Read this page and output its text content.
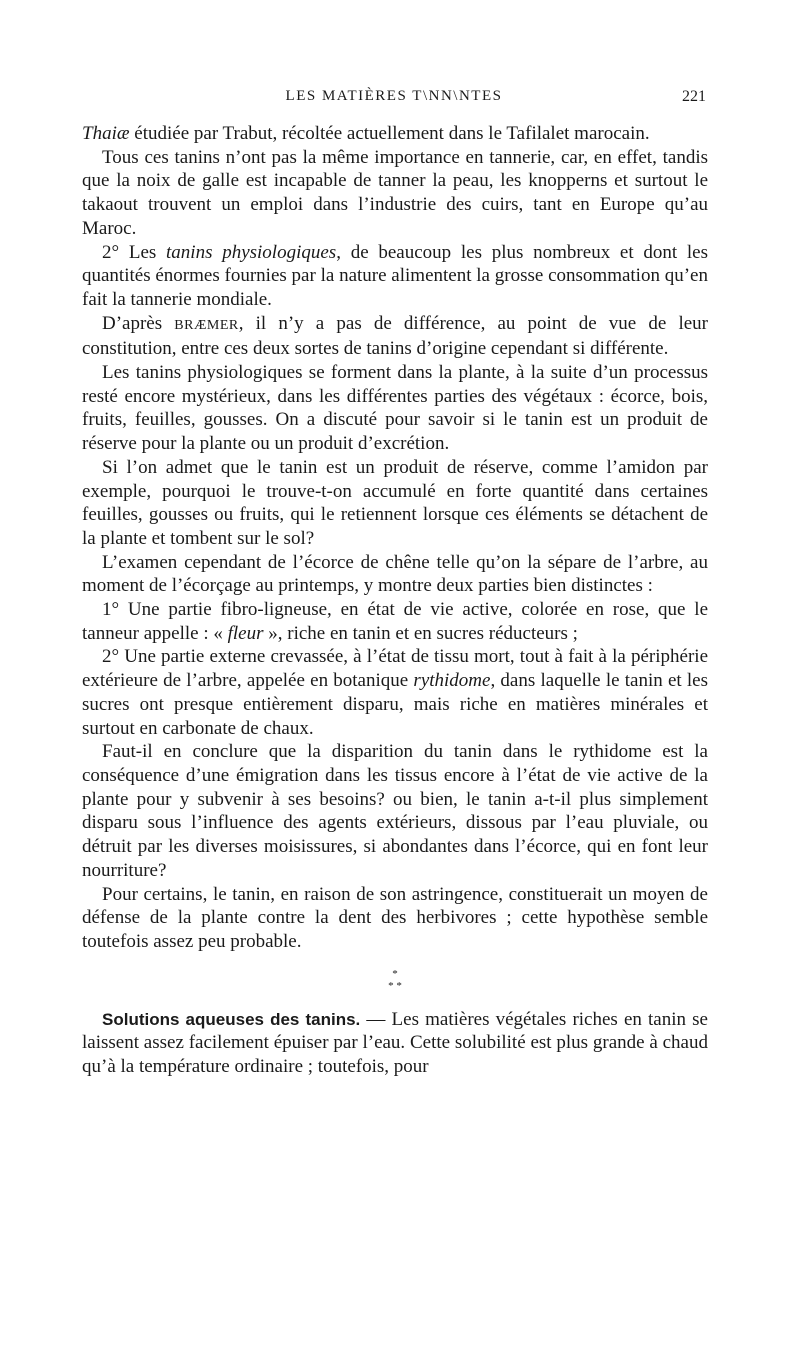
LES MATIÈRES T\NN\NTES	221

Thaiæ étudiée par Trabut, récoltée actuellement dans le Tafilalet marocain.

Tous ces tanins n’ont pas la même importance en tannerie, car, en effet, tandis que la noix de galle est incapable de tanner la peau, les knopperns et surtout le takaout trouvent un emploi dans l’industrie des cuirs, tant en Europe qu’au Maroc.

2° Les tanins physiologiques, de beaucoup les plus nombreux et dont les quantités énormes fournies par la nature alimentent la grosse consommation qu’en fait la tannerie mondiale.

D’après BRÆMER, il n’y a pas de différence, au point de vue de leur constitution, entre ces deux sortes de tanins d’origine cependant si différente.

Les tanins physiologiques se forment dans la plante, à la suite d’un processus resté encore mystérieux, dans les différentes parties des végétaux : écorce, bois, fruits, feuilles, gousses. On a discuté pour savoir si le tanin est un produit de réserve pour la plante ou un produit d’excrétion.

Si l’on admet que le tanin est un produit de réserve, comme l’amidon par exemple, pourquoi le trouve-t-on accumulé en forte quantité dans certaines feuilles, gousses ou fruits, qui le retiennent lorsque ces éléments se détachent de la plante et tombent sur le sol?

L’examen cependant de l’écorce de chêne telle qu’on la sépare de l’arbre, au moment de l’écorçage au printemps, y montre deux parties bien distinctes :

1° Une partie fibro-ligneuse, en état de vie active, colorée en rose, que le tanneur appelle : « fleur », riche en tanin et en sucres réducteurs ;

2° Une partie externe crevassée, à l’état de tissu mort, tout à fait à la périphérie extérieure de l’arbre, appelée en botanique rythidome, dans laquelle le tanin et les sucres ont presque entièrement disparu, mais riche en matières minérales et surtout en carbonate de chaux.

Faut-il en conclure que la disparition du tanin dans le rythidome est la conséquence d’une émigration dans les tissus encore à l’état de vie active de la plante pour y subvenir à ses besoins? ou bien, le tanin a-t-il plus simplement disparu sous l’influence des agents extérieurs, dissous par l’eau pluviale, ou détruit par les diverses moisissures, si abondantes dans l’écorce, qui en font leur nourriture?

Pour certains, le tanin, en raison de son astringence, constituerait un moyen de défense de la plante contre la dent des herbivores ; cette hypothèse semble toutefois assez peu probable.

*
* *

Solutions aqueuses des tanins. — Les matières végétales riches en tanin se laissent assez facilement épuiser par l’eau. Cette solubilité est plus grande à chaud qu’à la température ordinaire ; toutefois, pour
